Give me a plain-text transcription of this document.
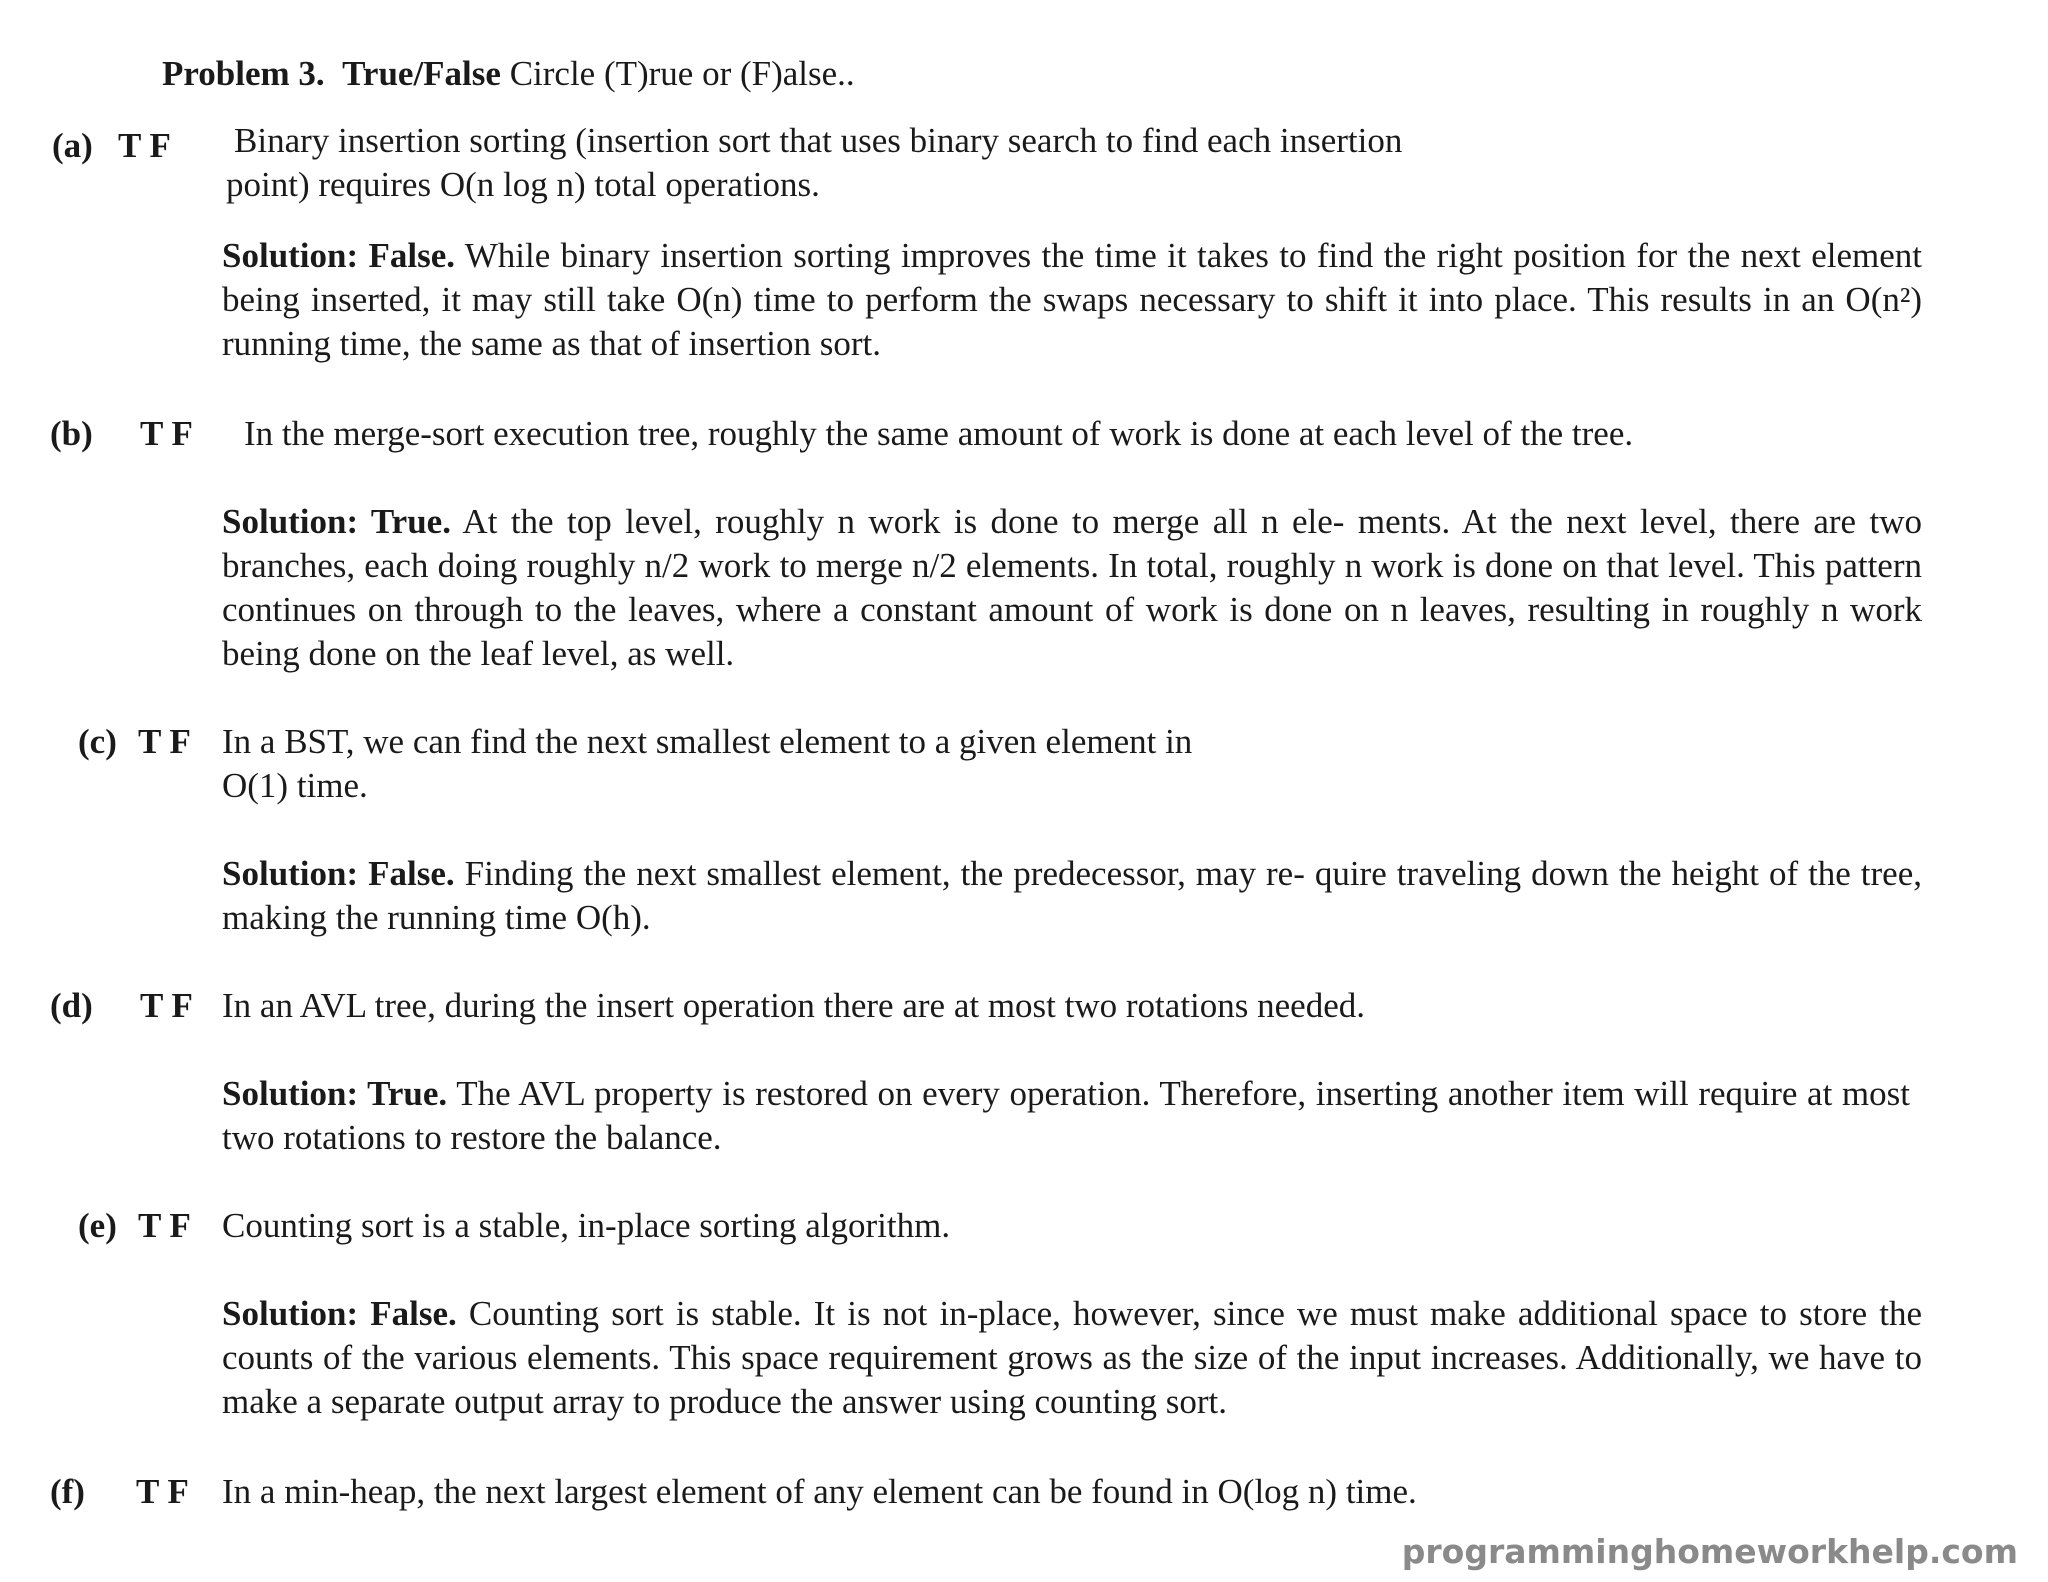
Problem 3. True/False Circle (T)rue or (F)alse..
(a) T F Binary insertion sorting (insertion sort that uses binary search to find each insertion
point) requires O(n log n) total operations.
Solution: False. While binary insertion sorting improves the time it takes to find the right position for the next element being inserted, it may still take O(n) time to perform the swaps necessary to shift it into place. This results in an O(n²) running time, the same as that of insertion sort.
(b) T F In the merge-sort execution tree, roughly the same amount of work is done at each level of the tree.
Solution: True. At the top level, roughly n work is done to merge all n ele- ments. At the next level, there are two branches, each doing roughly n/2 work to merge n/2 elements. In total, roughly n work is done on that level. This pattern continues on through to the leaves, where a constant amount of work is done on n leaves, resulting in roughly n work being done on the leaf level, as well.
(c) T F In a BST, we can find the next smallest element to a given element in
O(1) time.
Solution: False. Finding the next smallest element, the predecessor, may re- quire traveling down the height of the tree, making the running time O(h).
(d) T F In an AVL tree, during the insert operation there are at most two rotations needed.
Solution: True. The AVL property is restored on every operation. Therefore, inserting another item will require at most two rotations to restore the balance.
(e) T F Counting sort is a stable, in-place sorting algorithm.
Solution: False. Counting sort is stable. It is not in-place, however, since we must make additional space to store the counts of the various elements. This space requirement grows as the size of the input increases. Additionally, we have to make a separate output array to produce the answer using counting sort.
(f) T F In a min-heap, the next largest element of any element can be found in O(log n) time.
programminghomeworkhelp.com
